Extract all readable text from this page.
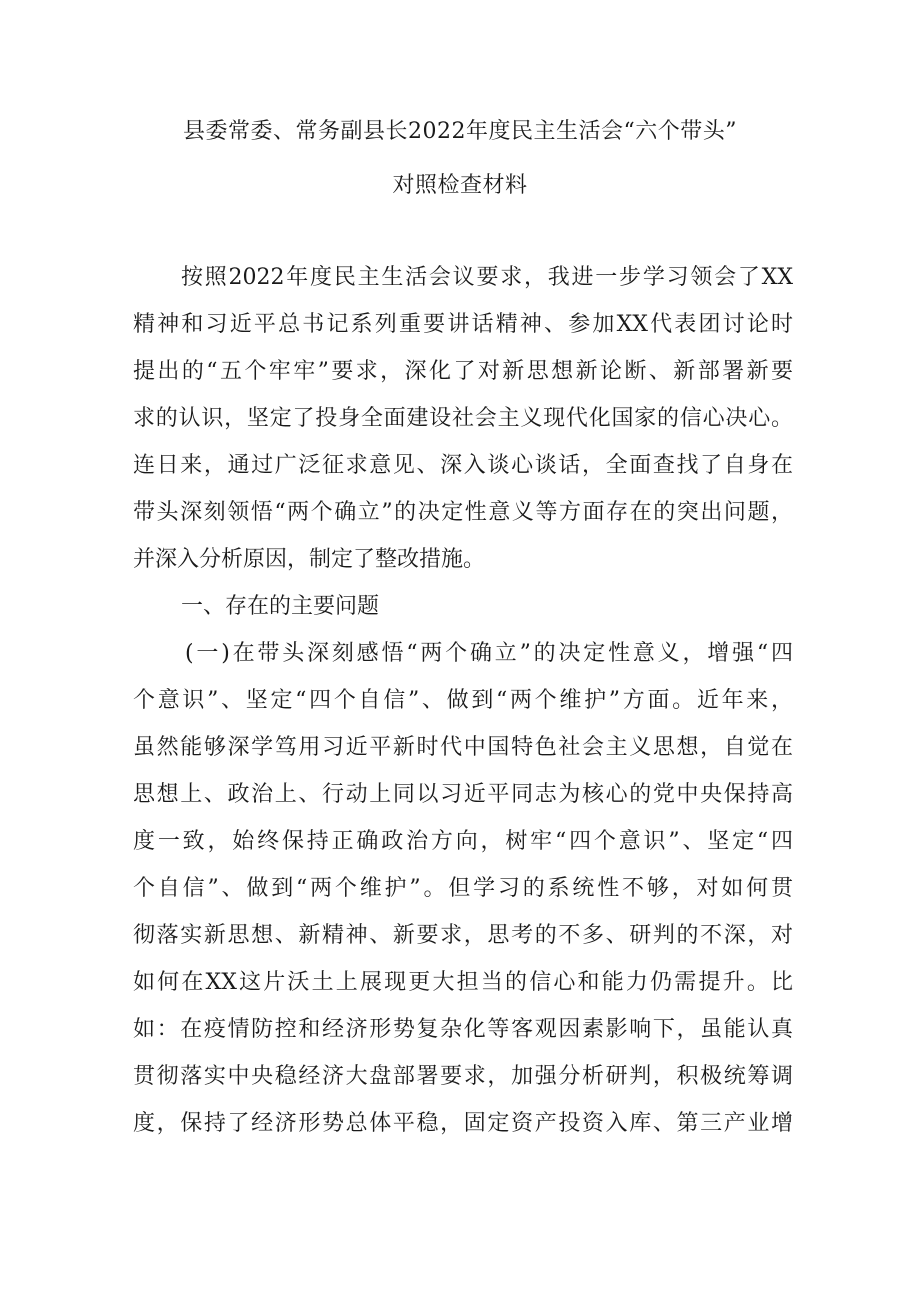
县委常委、常务副县长2022年度民主生活会“六个带头”
对照检查材料
按照2022年度民主生活会议要求，我进一步学习领会了XX
精神和习近平总书记系列重要讲话精神、参加XX代表团讨论时
提出的“五个牢牢”要求，深化了对新思想新论断、新部署新要
求的认识，坚定了投身全面建设社会主义现代化国家的信心决心。
连日来，通过广泛征求意见、深入谈心谈话，全面查找了自身在
带头深刻领悟“两个确立”的决定性意义等方面存在的突出问题，
并深入分析原因，制定了整改措施。
一、存在的主要问题
(一)在带头深刻感悟“两个确立”的决定性意义，增强“四
个意识”、坚定“四个自信”、做到“两个维护”方面。近年来，
虽然能够深学笃用习近平新时代中国特色社会主义思想，自觉在
思想上、政治上、行动上同以习近平同志为核心的党中央保持高
度一致，始终保持正确政治方向，树牢“四个意识”、坚定“四
个自信”、做到“两个维护”。但学习的系统性不够，对如何贯
彻落实新思想、新精神、新要求，思考的不多、研判的不深，对
如何在XX这片沃土上展现更大担当的信心和能力仍需提升。比
如：在疫情防控和经济形势复杂化等客观因素影响下，虽能认真
贯彻落实中央稳经济大盘部署要求，加强分析研判，积极统筹调
度，保持了经济形势总体平稳，固定资产投资入库、第三产业增
